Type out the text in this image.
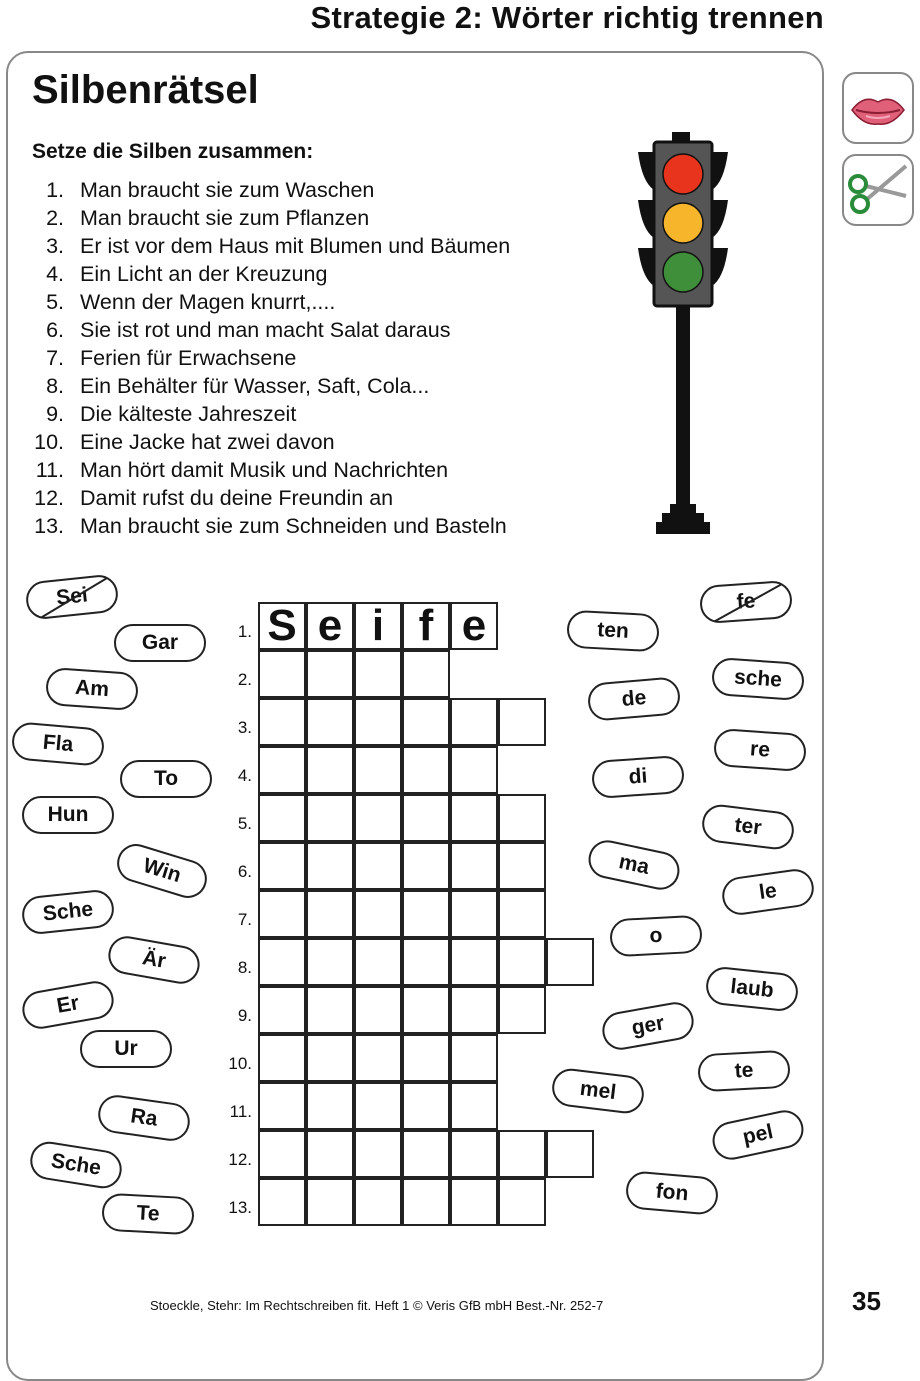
Strategie 2: Wörter richtig trennen
Silbenrätsel
Setze die Silben zusammen:
1. Man braucht sie zum Waschen
2. Man braucht sie zum Pflanzen
3. Er ist vor dem Haus mit Blumen und Bäumen
4. Ein Licht an der Kreuzung
5. Wenn der Magen knurrt,....
6. Sie ist rot und man macht Salat daraus
7. Ferien für Erwachsene
8. Ein Behälter für Wasser, Saft, Cola...
9. Die kälteste Jahreszeit
10. Eine Jacke hat zwei davon
11. Man hört damit Musik und Nachrichten
12. Damit rufst du deine Freundin an
13. Man braucht sie zum Schneiden und Basteln
S e i f e
Sei
Gar
Am
Fla
To
Hun
Win
Sche
Är
Er
Ur
Ra
Sche
Te
ten
fe
sche
de
re
di
ter
ma
le
o
laub
ger
te
mel
pel
fon
Stoeckle, Stehr: Im Rechtschreiben fit. Heft 1 © Veris GfB mbH Best.-Nr. 252-7	35
1.
2.
3.
4.
5.
6.
7.
8.
9.
10.
11.
12.
13.
